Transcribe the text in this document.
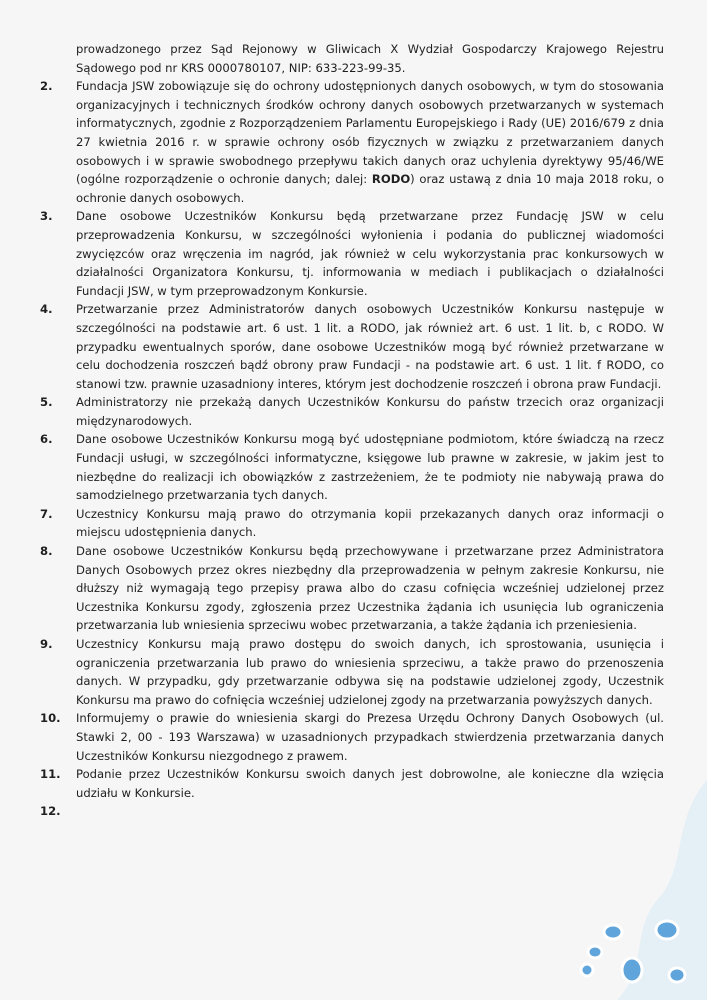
prowadzonego przez Sąd Rejonowy w Gliwicach X Wydział Gospodarczy Krajowego Rejestru Sądowego pod nr KRS 0000780107, NIP: 633-223-99-35.

2. Fundacja JSW zobowiązuje się do ochrony udostępnionych danych osobowych, w tym do stosowania organizacyjnych i technicznych środków ochrony danych osobowych przetwarzanych w systemach informatycznych, zgodnie z Rozporządzeniem Parlamentu Europejskiego i Rady (UE) 2016/679 z dnia 27 kwietnia 2016 r. w sprawie ochrony osób fizycznych w związku z przetwarzaniem danych osobowych i w sprawie swobodnego przepływu takich danych oraz uchylenia dyrektywy 95/46/WE (ogólne rozporządzenie o ochronie danych; dalej: RODO) oraz ustawą z dnia 10 maja 2018 roku, o ochronie danych osobowych.
3. Dane osobowe Uczestników Konkursu będą przetwarzane przez Fundację JSW w celu przeprowadzenia Konkursu, w szczególności wyłonienia i podania do publicznej wiadomości zwycięzców oraz wręczenia im nagród, jak również w celu wykorzystania prac konkursowych w działalności Organizatora Konkursu, tj. informowania w mediach i publikacjach o działalności Fundacji JSW, w tym przeprowadzonym Konkursie.
4. Przetwarzanie przez Administratorów danych osobowych Uczestników Konkursu następuje w szczególności na podstawie art. 6 ust. 1 lit. a RODO, jak również art. 6 ust. 1 lit. b, c RODO. W przypadku ewentualnych sporów, dane osobowe Uczestników mogą być również przetwarzane w celu dochodzenia roszczeń bądź obrony praw Fundacji - na podstawie art. 6 ust. 1 lit. f RODO, co stanowi tzw. prawnie uzasadniony interes, którym jest dochodzenie roszczeń i obrona praw Fundacji.
5. Administratorzy nie przekażą danych Uczestników Konkursu do państw trzecich oraz organizacji międzynarodowych.
6. Dane osobowe Uczestników Konkursu mogą być udostępniane podmiotom, które świadczą na rzecz Fundacji usługi, w szczególności informatyczne, księgowe lub prawne w zakresie, w jakim jest to niezbędne do realizacji ich obowiązków z zastrzeżeniem, że te podmioty nie nabywają prawa do samodzielnego przetwarzania tych danych.
7. Uczestnicy Konkursu mają prawo do otrzymania kopii przekazanych danych oraz informacji o miejscu udostępnienia danych.
8. Dane osobowe Uczestników Konkursu będą przechowywane i przetwarzane przez Administratora Danych Osobowych przez okres niezbędny dla przeprowadzenia w pełnym zakresie Konkursu, nie dłuższy niż wymagają tego przepisy prawa albo do czasu cofnięcia wcześniej udzielonej przez Uczestnika Konkursu zgody, zgłoszenia przez Uczestnika żądania ich usunięcia lub ograniczenia przetwarzania lub wniesienia sprzeciwu wobec przetwarzania, a także żądania ich przeniesienia.
9. Uczestnicy Konkursu mają prawo dostępu do swoich danych, ich sprostowania, usunięcia i ograniczenia przetwarzania lub prawo do wniesienia sprzeciwu, a także prawo do przenoszenia danych. W przypadku, gdy przetwarzanie odbywa się na podstawie udzielonej zgody, Uczestnik Konkursu ma prawo do cofnięcia wcześniej udzielonej zgody na przetwarzania powyższych danych.
10. Informujemy o prawie do wniesienia skargi do Prezesa Urzędu Ochrony Danych Osobowych (ul. Stawki 2, 00 - 193 Warszawa) w uzasadnionych przypadkach stwierdzenia przetwarzania danych Uczestników Konkursu niezgodnego z prawem.
11. Podanie przez Uczestników Konkursu swoich danych jest dobrowolne, ale konieczne dla wzięcia udziału w Konkursie.
12.
